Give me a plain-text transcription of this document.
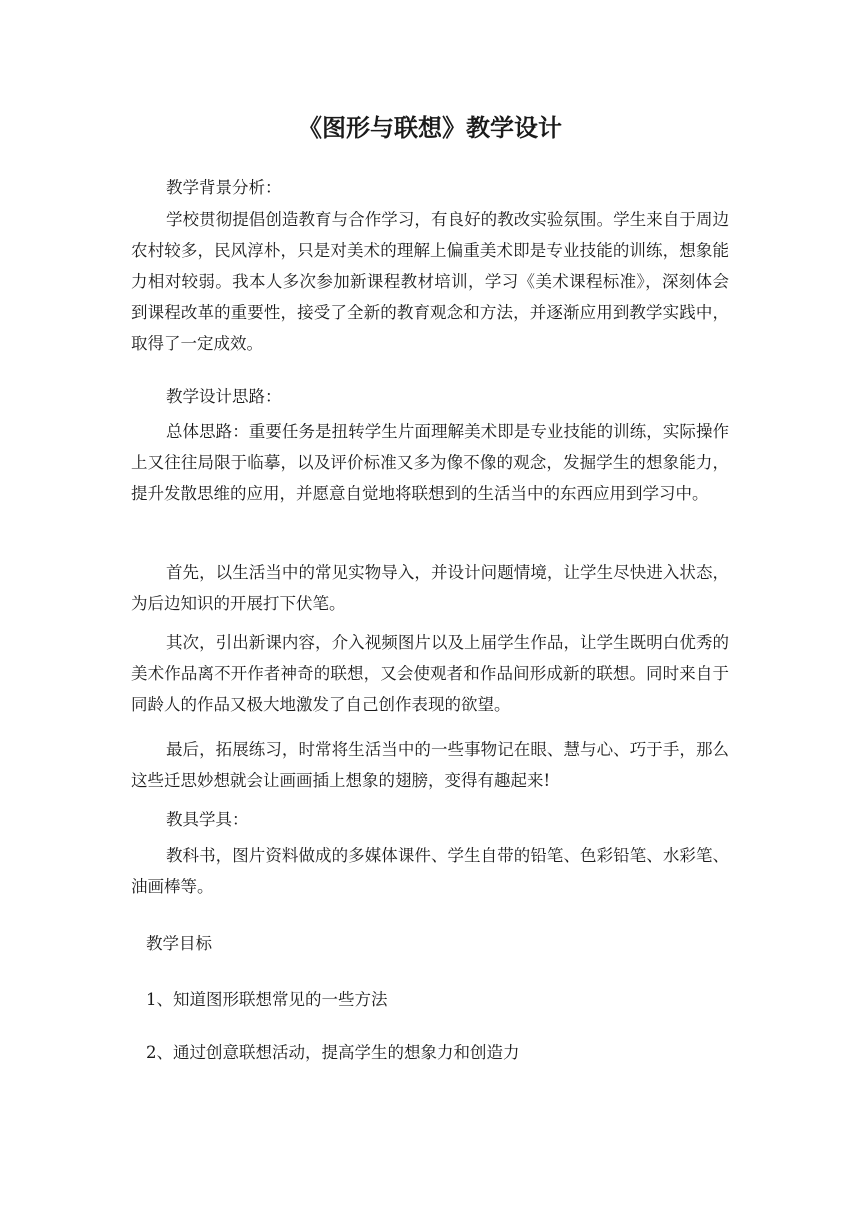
《图形与联想》教学设计
教学背景分析：
学校贯彻提倡创造教育与合作学习，有良好的教改实验氛围。学生来自于周边农村较多，民风淳朴，只是对美术的理解上偏重美术即是专业技能的训练，想象能力相对较弱。我本人多次参加新课程教材培训，学习《美术课程标准》，深刻体会到课程改革的重要性，接受了全新的教育观念和方法，并逐渐应用到教学实践中，取得了一定成效。
教学设计思路：
总体思路：重要任务是扭转学生片面理解美术即是专业技能的训练，实际操作上又往往局限于临摹，以及评价标准又多为像不像的观念，发掘学生的想象能力，提升发散思维的应用，并愿意自觉地将联想到的生活当中的东西应用到学习中。
首先，以生活当中的常见实物导入，并设计问题情境，让学生尽快进入状态，为后边知识的开展打下伏笔。
其次，引出新课内容，介入视频图片以及上届学生作品，让学生既明白优秀的美术作品离不开作者神奇的联想，又会使观者和作品间形成新的联想。同时来自于同龄人的作品又极大地激发了自己创作表现的欲望。
最后，拓展练习，时常将生活当中的一些事物记在眼、慧与心、巧于手，那么这些迁思妙想就会让画画插上想象的翅膀，变得有趣起来!
教具学具：
教科书，图片资料做成的多媒体课件、学生自带的铅笔、色彩铅笔、水彩笔、油画棒等。
教学目标
1、知道图形联想常见的一些方法
2、通过创意联想活动，提高学生的想象力和创造力
